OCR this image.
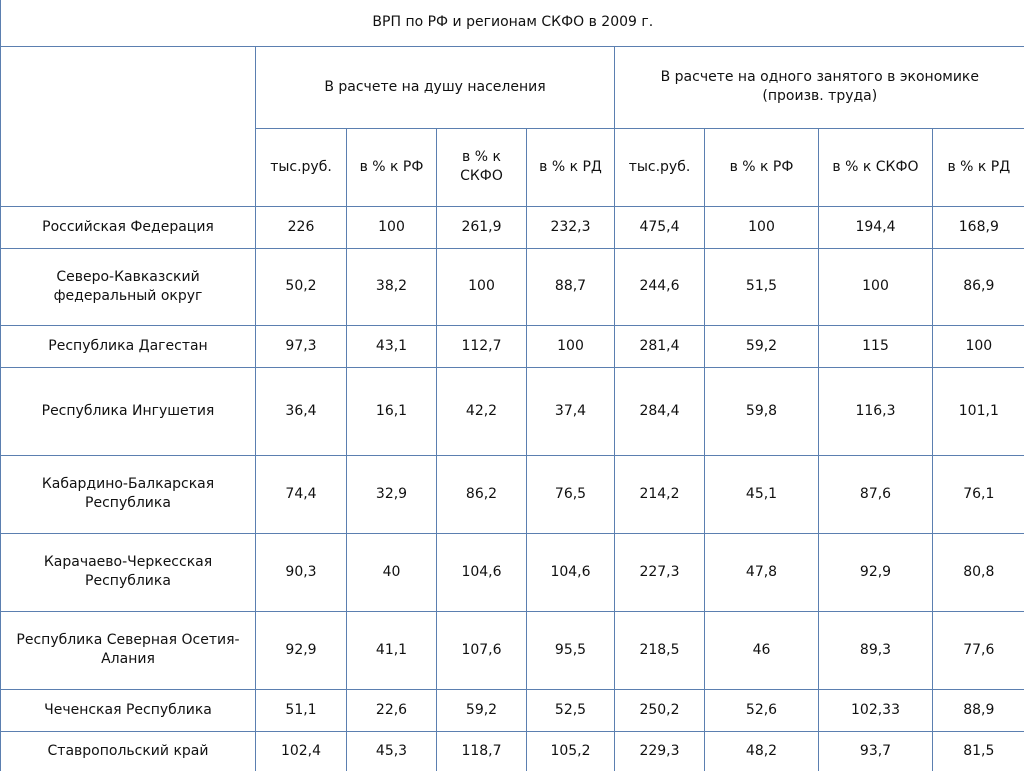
ВРП по РФ и регионам СКФО в 2009 г.								
	В расчете на душу населения				В расчете на одного занятого в экономике
(произв. труда)			
	тыс.руб.	в % к РФ	в % к
СКФО	в % к РД	тыс.руб.	в % к РФ	в % к СКФО	в % к РД
Российская Федерация	226	100	261,9	232,3	475,4	100	194,4	168,9
Северо-Кавказский
федеральный округ	50,2	38,2	100	88,7	244,6	51,5	100	86,9
Республика Дагестан	97,3	43,1	112,7	100	281,4	59,2	115	100
Республика Ингушетия	36,4	16,1	42,2	37,4	284,4	59,8	116,3	101,1
Кабардино-Балкарская
Республика	74,4	32,9	86,2	76,5	214,2	45,1	87,6	76,1
Карачаево-Черкесская
Республика	90,3	40	104,6	104,6	227,3	47,8	92,9	80,8
Республика Северная Осетия-
Алания	92,9	41,1	107,6	95,5	218,5	46	89,3	77,6
Чеченская Республика	51,1	22,6	59,2	52,5	250,2	52,6	102,33	88,9
Ставропольский край	102,4	45,3	118,7	105,2	229,3	48,2	93,7	81,5
